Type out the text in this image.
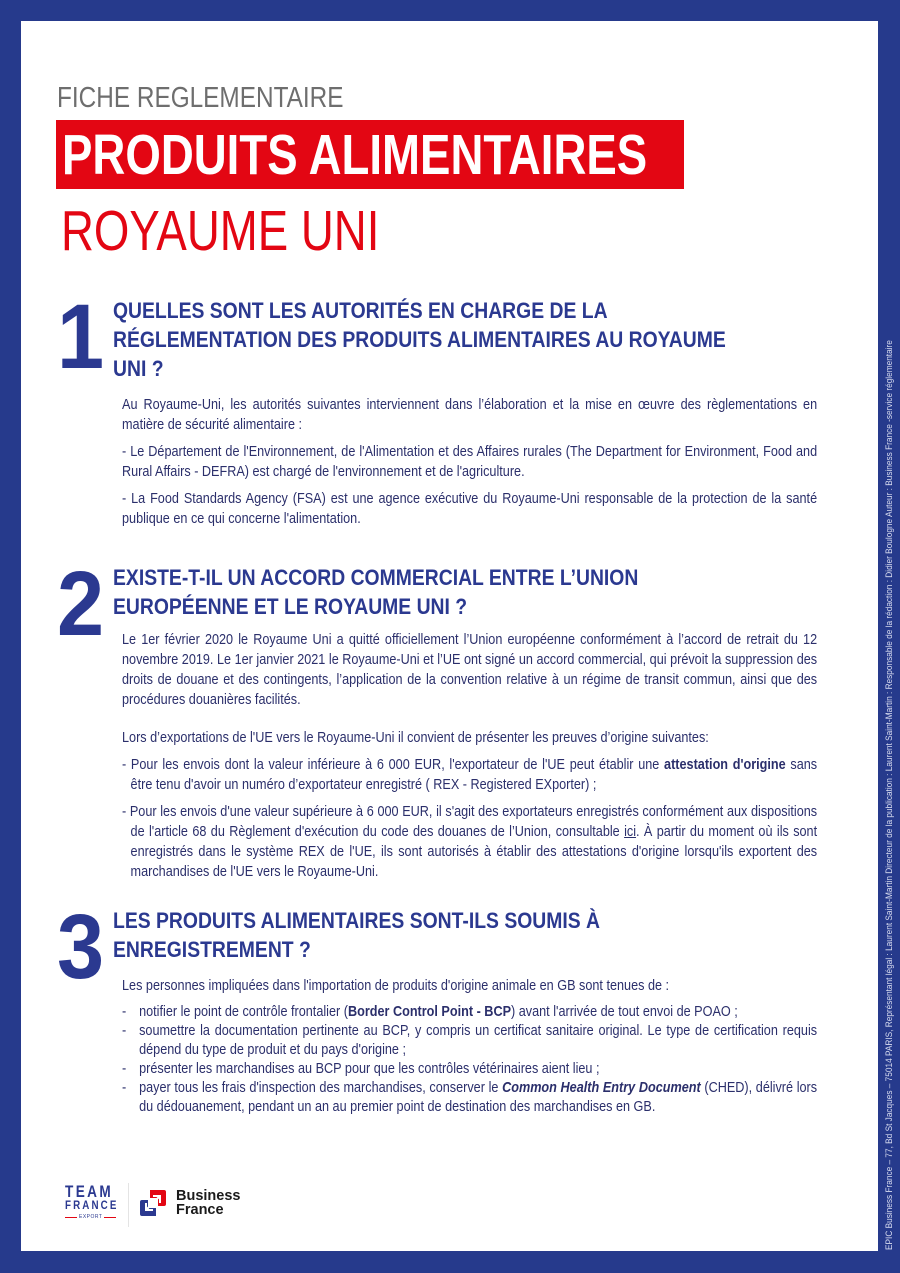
FICHE REGLEMENTAIRE
PRODUITS ALIMENTAIRES
ROYAUME UNI
1 QUELLES SONT LES AUTORITÉS EN CHARGE DE LA
RÉGLEMENTATION DES PRODUITS ALIMENTAIRES AU ROYAUME
UNI ?

Au Royaume-Uni, les autorités suivantes interviennent dans l’élaboration et la mise en œuvre des règlementations en matière de sécurité alimentaire :

- Le Département de l'Environnement, de l'Alimentation et des Affaires rurales (The Department for Environment, Food and Rural Affairs - DEFRA) est chargé de l'environnement et de l'agriculture.

- La Food Standards Agency (FSA) est une agence exécutive du Royaume-Uni responsable de la protection de la santé publique en ce qui concerne l'alimentation.

2 EXISTE-T-IL UN ACCORD COMMERCIAL ENTRE L’UNION
EUROPÉENNE ET LE ROYAUME UNI ?

Le 1er février 2020 le Royaume Uni a quitté officiellement l’Union européenne conformément à l’accord de retrait du 12 novembre 2019. Le 1er janvier 2021 le Royaume-Uni et l’UE ont signé un accord commercial, qui prévoit la suppression des droits de douane et des contingents, l’application de la convention relative à un régime de transit commun, ainsi que des procédures douanières facilités.

Lors d’exportations de l'UE vers le Royaume-Uni il convient de présenter les preuves d’origine suivantes:

- Pour les envois dont la valeur inférieure à 6 000 EUR, l'exportateur de l'UE peut établir une attestation d'origine sans être tenu d'avoir un numéro d’exportateur enregistré ( REX - Registered EXporter) ;

- Pour les envois d'une valeur supérieure à 6 000 EUR, il s'agit des exportateurs enregistrés conformément aux dispositions de l'article 68 du Règlement d'exécution du code des douanes de l’Union, consultable ici. À partir du moment où ils sont enregistrés dans le système REX de l'UE, ils sont autorisés à établir des attestations d'origine lorsqu'ils exportent des marchandises de l'UE vers le Royaume-Uni.

3 LES PRODUITS ALIMENTAIRES SONT-ILS SOUMIS À
ENREGISTREMENT ?

Les personnes impliquées dans l'importation de produits d'origine animale en GB sont tenues de :

- notifier le point de contrôle frontalier (Border Control Point - BCP) avant l'arrivée de tout envoi de POAO ;
- soumettre la documentation pertinente au BCP, y compris un certificat sanitaire original. Le type de certification requis dépend du type de produit et du pays d'origine ;
- présenter les marchandises au BCP pour que les contrôles vétérinaires aient lieu ;
- payer tous les frais d'inspection des marchandises, conserver le Common Health Entry Document (CHED), délivré lors du dédouanement, pendant un an au premier point de destination des marchandises en GB.
TEAM
FRANCE
EXPORT
Business
France	EPIC Business France – 77, Bd St Jacques – 75014 PARIS, Représentant légal : Laurent Saint-Martin Directeur de la publication : Laurent Saint-Martin : Responsable de la rédaction : Didier Boulogne Auteur : Business France -service réglementaire
